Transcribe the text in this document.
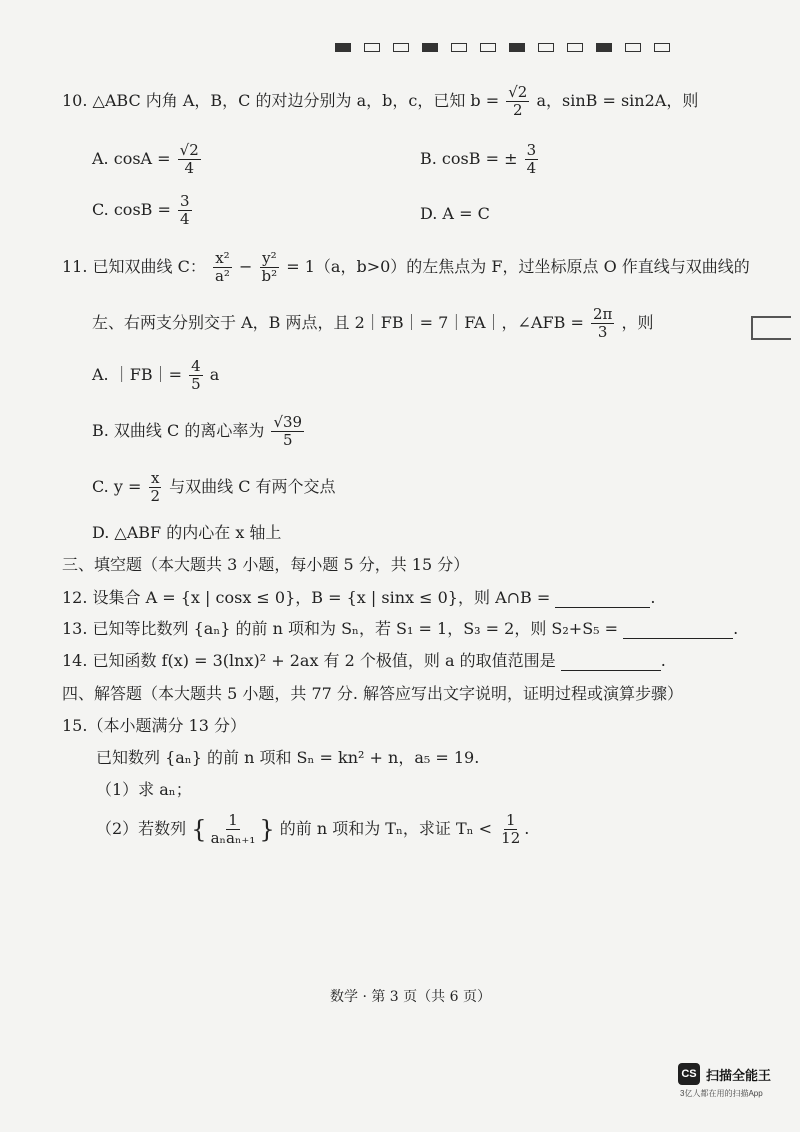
10. △ABC 内角 A，B，C 的对边分别为 a，b，c，已知 $b = \frac{√2}{2}$ a，sinB = sin2A，则
A. $\cos A = \frac{√2}{4}$	B. cosB = ± $\frac{3}{4}$
C. $\cos B = \frac{3}{4}$	D. A = C
11. 已知双曲线 C： $\frac{\text{x²}}{\text{a²}} - \frac{\text{y²}}{\text{b²}} = 1(a$，b>0）的左焦点为 F，过坐标原点 O 作直线与双曲线的
左、右两支分别交于 A，B 两点，且 2｜FB｜= 7｜FA｜，∠AFB = $\frac{2\pi}{3}$ ，则
A. ｜FB｜= $\frac{4}{5}$ a
B. 双曲线 C 的离心率为 $\frac{√39}{5}$
C. $y = \frac{x}{2}$ 与双曲线 C 有两个交点
D. △ABF 的内心在 x 轴上
三、填空题（本大题共 3 小题，每小题 5 分，共 15 分）
12. 设集合 A = {x | cosx ≤ 0}，B = {x | sinx ≤ 0}，则 A∩B =	.
13. 已知等比数列 {aₙ} 的前 n 项和为 Sₙ，若 S₁ = 1，S₃ = 2，则 S₂+S₅ =	.
14. 已知函数 f(x) = 3(lnx)² + 2ax 有 2 个极值，则 a 的取值范围是	.
四、解答题（本大题共 5 小题，共 77 分. 解答应写出文字说明，证明过程或演算步骤）
15.（本小题满分 13 分）
已知数列 {aₙ} 的前 n 项和 Sₙ = kn² + n，a₅ = 19.
（1）求 aₙ；
（2）若数列 { $\frac{1}{\text{aₙaₙ₊₁}}$ } 的前 n 项和为 Tₙ，求证 $T_n < \frac{1}{12}$ .
数学 · 第 3 页（共 6 页）
CS 扫描全能王
3亿人都在用的扫描App
